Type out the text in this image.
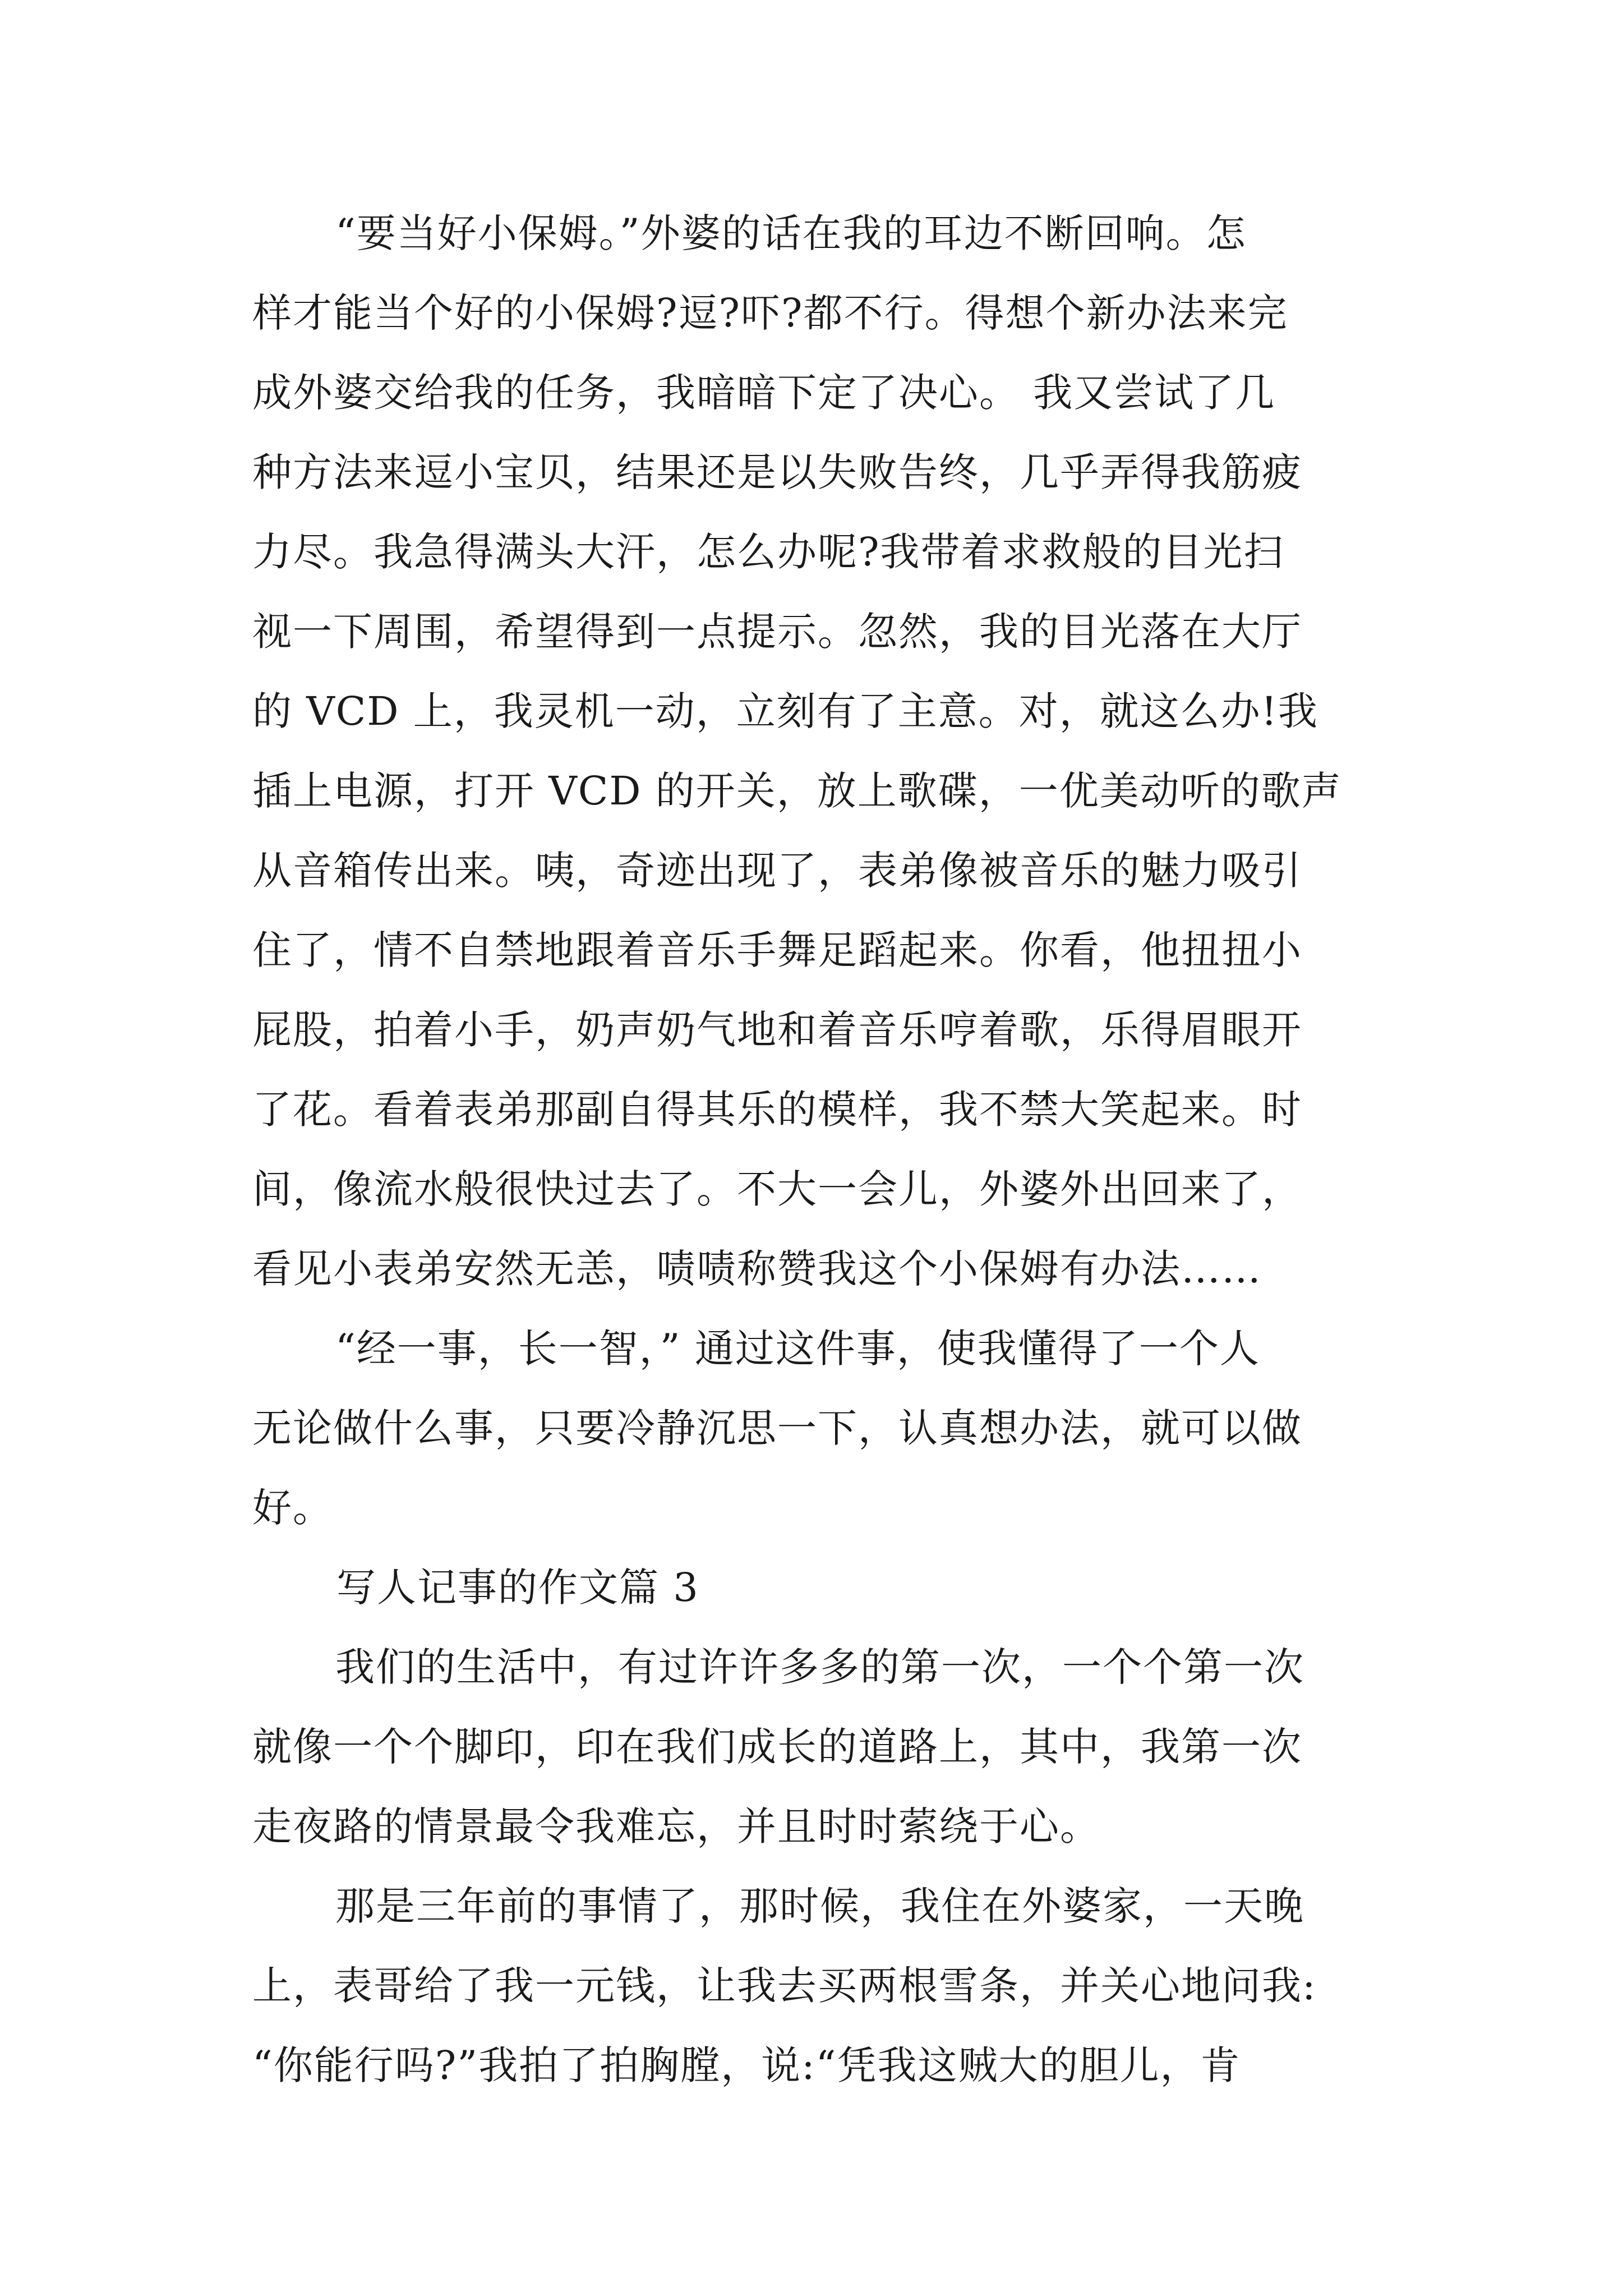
“要当好小保姆。”外婆的话在我的耳边不断回响。怎
样才能当个好的小保姆?逗?吓?都不行。得想个新办法来完
成外婆交给我的任务，我暗暗下定了决心。 我又尝试了几
种方法来逗小宝贝，结果还是以失败告终，几乎弄得我筋疲
力尽。我急得满头大汗，怎么办呢?我带着求救般的目光扫
视一下周围，希望得到一点提示。忽然，我的目光落在大厅
的 VCD 上，我灵机一动，立刻有了主意。对，就这么办!我
插上电源，打开 VCD 的开关，放上歌碟，一优美动听的歌声
从音箱传出来。咦，奇迹出现了，表弟像被音乐的魅力吸引
住了，情不自禁地跟着音乐手舞足蹈起来。你看，他扭扭小
屁股，拍着小手，奶声奶气地和着音乐哼着歌，乐得眉眼开
了花。看着表弟那副自得其乐的模样，我不禁大笑起来。时
间，像流水般很快过去了。不大一会儿，外婆外出回来了，
看见小表弟安然无恙，啧啧称赞我这个小保姆有办法……
“经一事，长一智，” 通过这件事，使我懂得了一个人
无论做什么事，只要冷静沉思一下，认真想办法，就可以做
好。
写人记事的作文篇 3
我们的生活中，有过许许多多的第一次，一个个第一次
就像一个个脚印，印在我们成长的道路上，其中，我第一次
走夜路的情景最令我难忘，并且时时萦绕于心。
那是三年前的事情了，那时候，我住在外婆家，一天晚
上，表哥给了我一元钱，让我去买两根雪条，并关心地问我:
“你能行吗?”我拍了拍胸膛，说:“凭我这贼大的胆儿，肯
